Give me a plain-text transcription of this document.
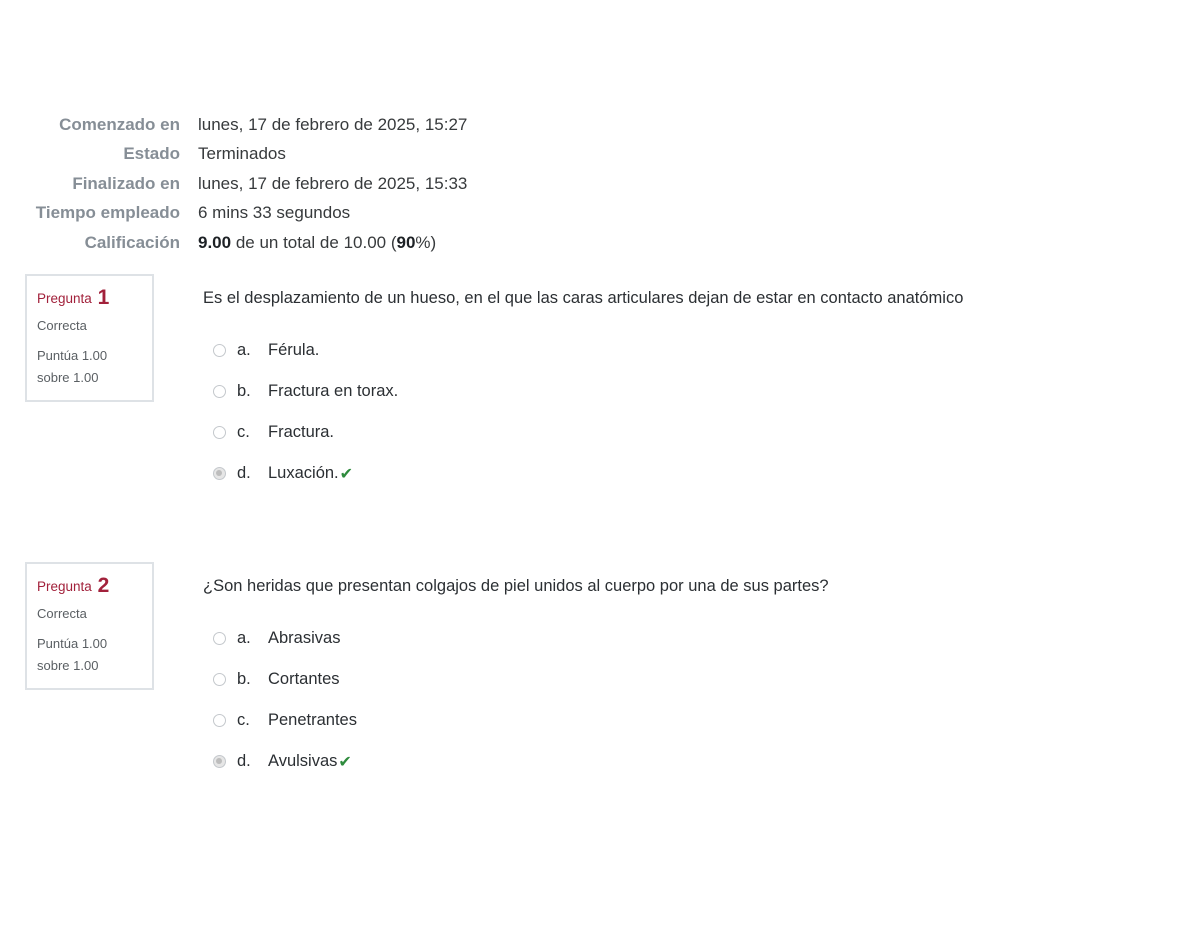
Comenzado en	lunes, 17 de febrero de 2025, 15:27
Estado	Terminados
Finalizado en	lunes, 17 de febrero de 2025, 15:33
Tiempo empleado	6 mins 33 segundos
Calificación	9.00 de un total de 10.00 (90%)
Pregunta 1
Correcta
Puntúa 1.00
sobre 1.00
Es el desplazamiento de un hueso, en el que las caras articulares dejan de estar en contacto anatómico
a.	Férula.
b.	Fractura en torax.
c.	Fractura.
d.	Luxación. ✔
Pregunta 2
Correcta
Puntúa 1.00
sobre 1.00
¿Son heridas que presentan colgajos de piel unidos al cuerpo por una de sus partes?
a.	Abrasivas
b.	Cortantes
c.	Penetrantes
d.	Avulsivas ✔
